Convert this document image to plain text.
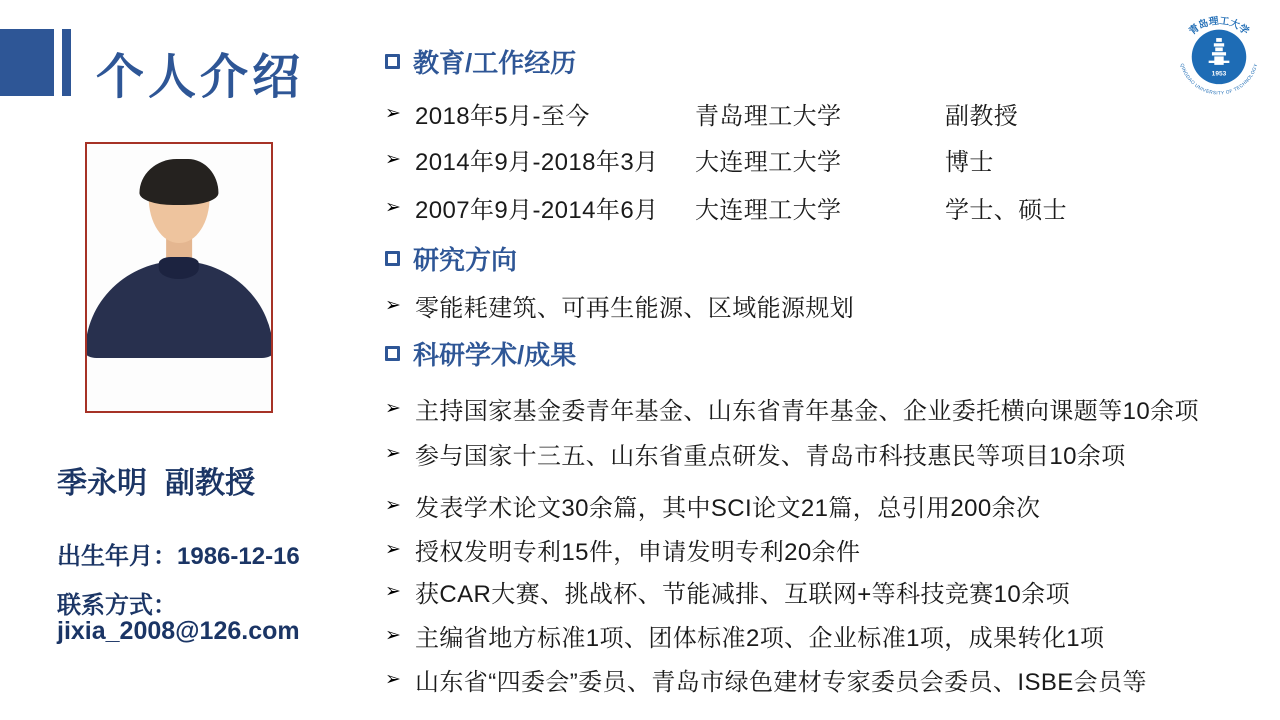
个人介绍	1953
青岛理工大学
QINGDAO UNIVERSITY OF TECHNOLOGY
季永明 副教授
出生年月：1986-12-16
联系方式：
jixia_2008@126.com
教育/工作经历
➢ 2018年5月-至今	青岛理工大学	副教授
➢ 2014年9月-2018年3月	大连理工大学	博士
➢ 2007年9月-2014年6月	大连理工大学	学士、硕士
研究方向
➢ 零能耗建筑、可再生能源、区域能源规划
科研学术/成果
➢ 主持国家基金委青年基金、山东省青年基金、企业委托横向课题等10余项
➢ 参与国家十三五、山东省重点研发、青岛市科技惠民等项目10余项
➢ 发表学术论文30余篇，其中SCI论文21篇，总引用200余次
➢ 授权发明专利15件，申请发明专利20余件
➢ 获CAR大赛、挑战杯、节能减排、互联网+等科技竞赛10余项
➢ 主编省地方标准1项、团体标准2项、企业标准1项，成果转化1项
➢ 山东省“四委会”委员、青岛市绿色建材专家委员会委员、ISBE会员等
